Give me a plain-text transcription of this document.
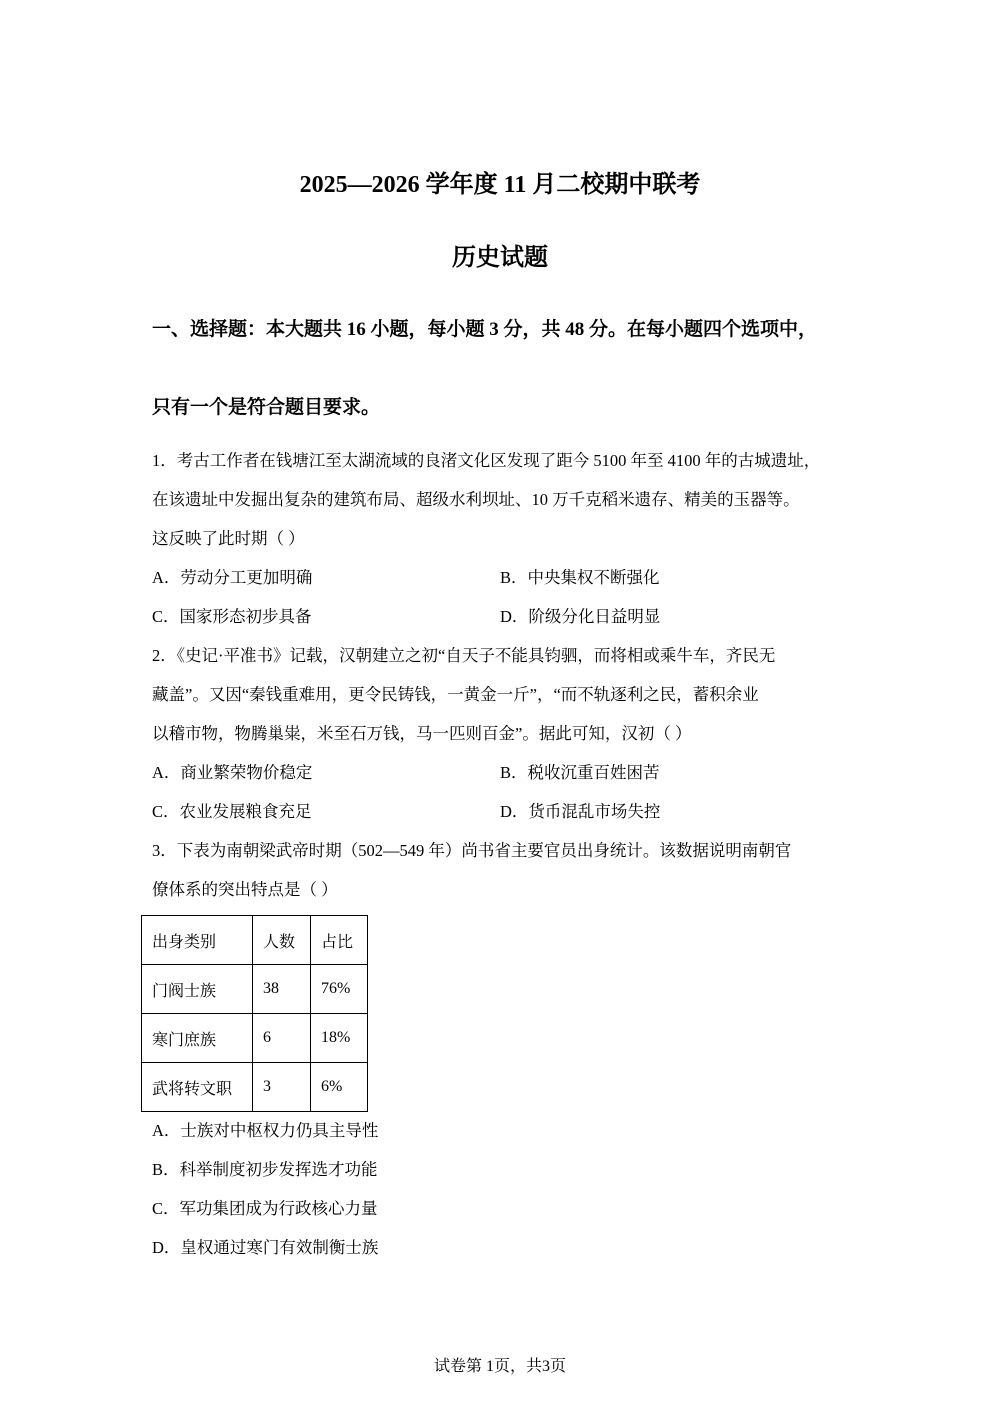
2025—2026 学年度 11 月二校期中联考
历史试题
一、选择题：本大题共 16 小题，每小题 3 分，共 48 分。在每小题四个选项中，
只有一个是符合题目要求。
1．考古工作者在钱塘江至太湖流域的良渚文化区发现了距今 5100 年至 4100 年的古城遗址，
在该遗址中发掘出复杂的建筑布局、超级水利坝址、10 万千克稻米遗存、精美的玉器等。
这反映了此时期（ ）
A．劳动分工更加明确	B．中央集权不断强化
C．国家形态初步具备	D．阶级分化日益明显
2．《史记·平准书》记载，汉朝建立之初“自天子不能具钧驷，而将相或乘牛车，齐民无
藏盖”。又因“秦钱重难用，更令民铸钱，一黄金一斤”，“而不轨逐利之民，蓄积余业
以稽市物，物腾巢粜，米至石万钱，马一匹则百金”。据此可知，汉初（ ）
A．商业繁荣物价稳定	B．税收沉重百姓困苦
C．农业发展粮食充足	D．货币混乱市场失控
3．下表为南朝梁武帝时期（502—549 年）尚书省主要官员出身统计。该数据说明南朝官
僚体系的突出特点是（ ）
出身类别	人数	占比
门阀士族	38	76%
寒门庶族	6	18%
武将转文职	3	6%
A．士族对中枢权力仍具主导性
B．科举制度初步发挥选才功能
C．军功集团成为行政核心力量
D．皇权通过寒门有效制衡士族
试卷第 1页，共3页
